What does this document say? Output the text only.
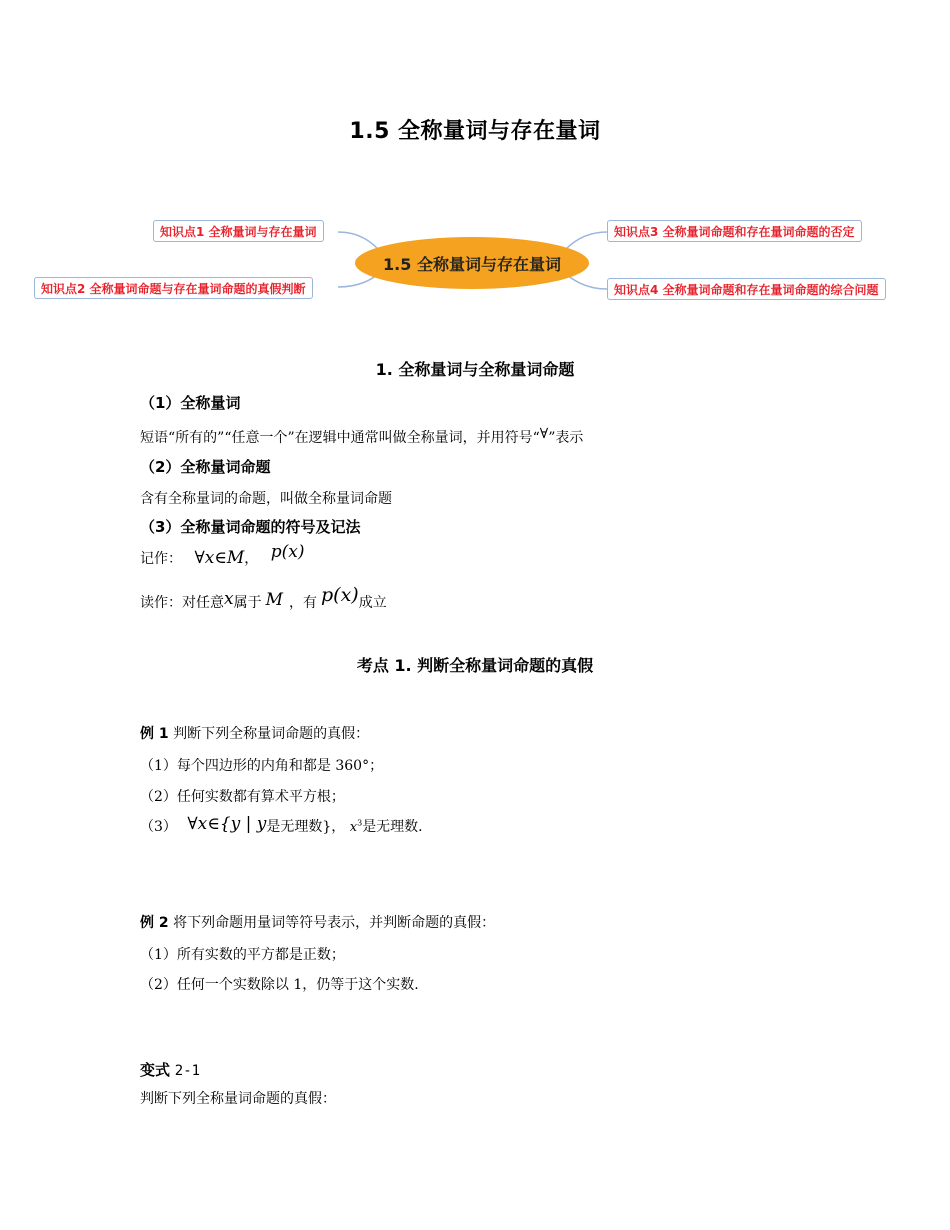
1.5 全称量词与存在量词
1.5 全称量词与存在量词
知识点1 全称量词与存在量词
知识点2 全称量词命题与存在量词命题的真假判断
知识点3 全称量词命题和存在量词命题的否定
知识点4 全称量词命题和存在量词命题的综合问题
1. 全称量词与全称量词命题
（1）全称量词
短语“所有的”“任意一个”在逻辑中通常叫做全称量词，并用符号“∀”表示
（2）全称量词命题
含有全称量词的命题，叫做全称量词命题
（3）全称量词命题的符号及记法
记作： ∀x∈M， p(x)
读作：对任意x属于 M ，有 p(x)成立
考点 1. 判断全称量词命题的真假
例 1 判断下列全称量词命题的真假：
（1）每个四边形的内角和都是 360°；
（2）任何实数都有算术平方根；
（3） ∀x∈{y | y是无理数}， $x^3$是无理数.
例 2 将下列命题用量词等符号表示，并判断命题的真假：
（1）所有实数的平方都是正数；
（2）任何一个实数除以 1，仍等于这个实数.
变式 2-1
判断下列全称量词命题的真假：
